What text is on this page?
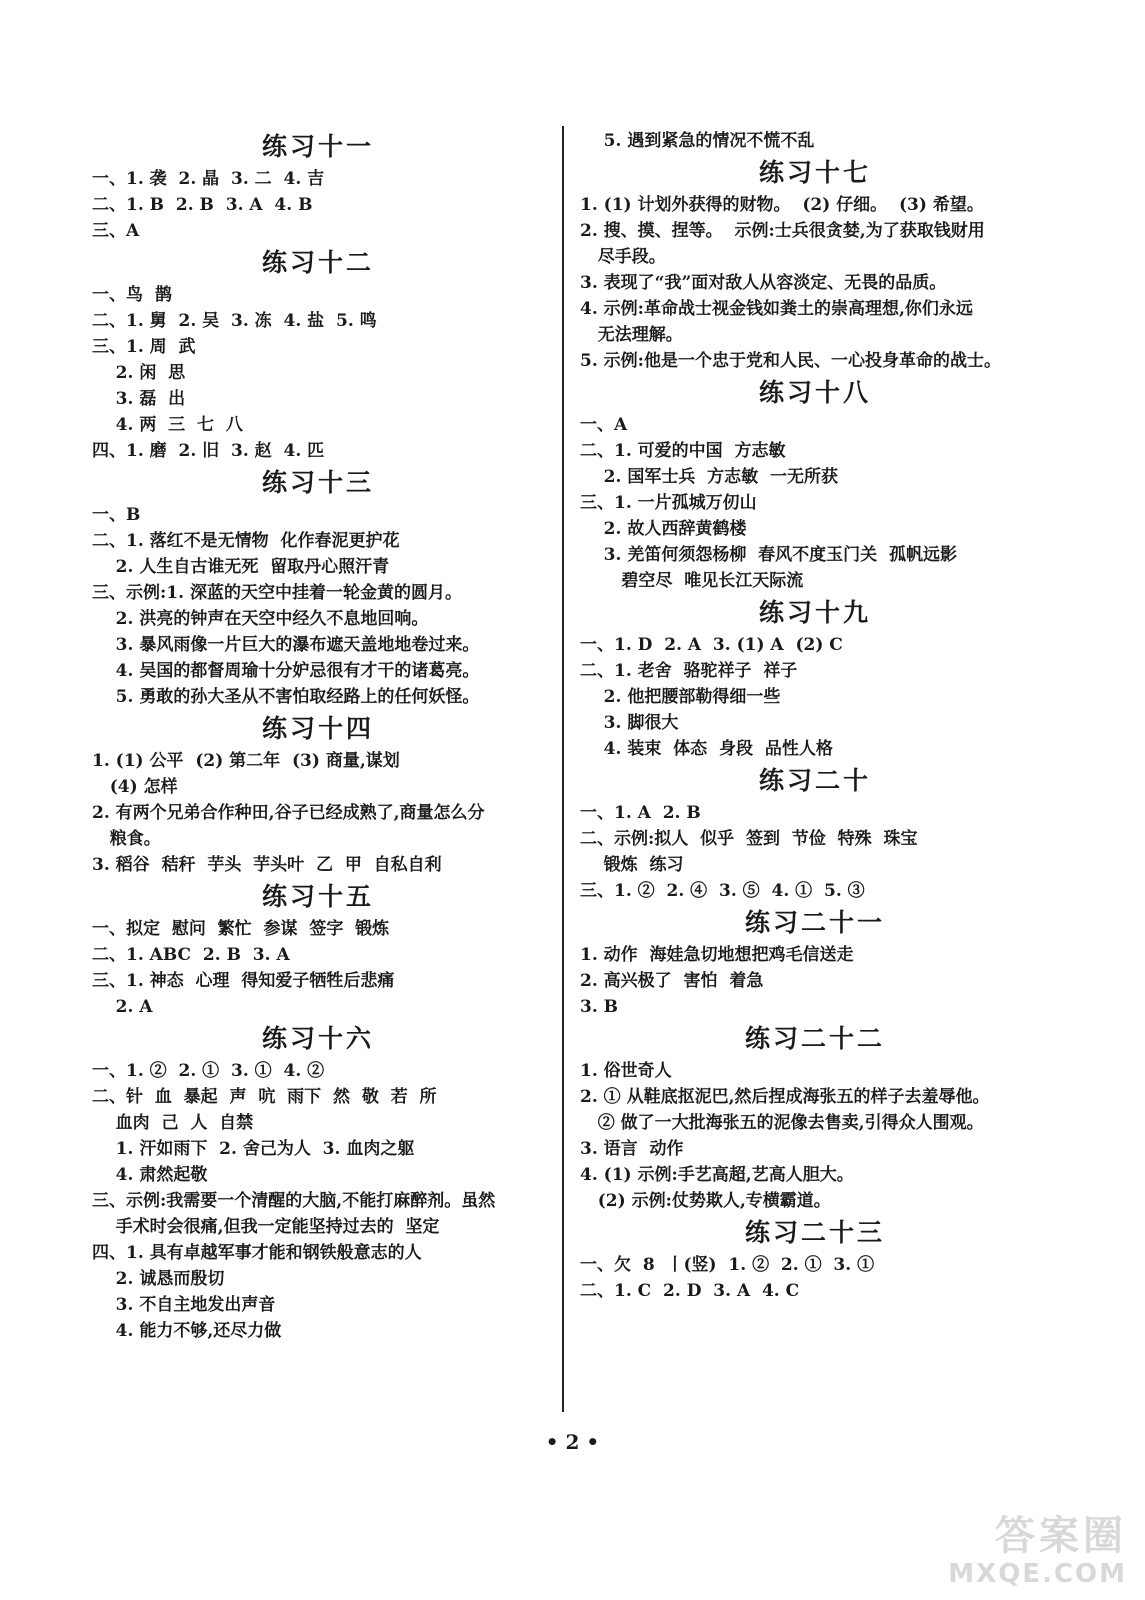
练习十一
一、1. 袭  2. 晶  3. 二  4. 吉
二、1. B  2. B  3. A  4. B
三、A
练习十二
一、鸟  鹊
二、1. 舅  2. 吴  3. 冻  4. 盐  5. 鸣
三、1. 周  武
2. 闲  思
3. 磊  出
4. 两  三  七  八
四、1. 磨  2. 旧  3. 赵  4. 匹
练习十三
一、B
二、1. 落红不是无情物  化作春泥更护花
2. 人生自古谁无死  留取丹心照汗青
三、示例:1. 深蓝的天空中挂着一轮金黄的圆月。
2. 洪亮的钟声在天空中经久不息地回响。
3. 暴风雨像一片巨大的瀑布遮天盖地地卷过来。
4. 吴国的都督周瑜十分妒忌很有才干的诸葛亮。
5. 勇敢的孙大圣从不害怕取经路上的任何妖怪。
练习十四
1. (1) 公平  (2) 第二年  (3) 商量,谋划
(4) 怎样
2. 有两个兄弟合作种田,谷子已经成熟了,商量怎么分
粮食。
3. 稻谷  秸秆  芋头  芋头叶  乙  甲  自私自利
练习十五
一、拟定  慰问  繁忙  参谋  签字  锻炼
二、1. ABC  2. B  3. A
三、1. 神态  心理  得知爱子牺牲后悲痛
2. A
练习十六
一、1. ②  2. ①  3. ①  4. ②
二、针  血  暴起  声  吭  雨下  然  敬  若  所
血肉  己  人  自禁
1. 汗如雨下  2. 舍己为人  3. 血肉之躯
4. 肃然起敬
三、示例:我需要一个清醒的大脑,不能打麻醉剂。虽然
手术时会很痛,但我一定能坚持过去的  坚定
四、1. 具有卓越军事才能和钢铁般意志的人
2. 诚恳而殷切
3. 不自主地发出声音
4. 能力不够,还尽力做
5. 遇到紧急的情况不慌不乱
练习十七
1. (1) 计划外获得的财物。  (2) 仔细。  (3) 希望。
2. 搜、摸、捏等。  示例:士兵很贪婪,为了获取钱财用
尽手段。
3. 表现了“我”面对敌人从容淡定、无畏的品质。
4. 示例:革命战士视金钱如粪土的崇高理想,你们永远
无法理解。
5. 示例:他是一个忠于党和人民、一心投身革命的战士。
练习十八
一、A
二、1. 可爱的中国  方志敏
2. 国军士兵  方志敏  一无所获
三、1. 一片孤城万仞山
2. 故人西辞黄鹤楼
3. 羌笛何须怨杨柳  春风不度玉门关  孤帆远影
碧空尽  唯见长江天际流
练习十九
一、1. D  2. A  3. (1) A  (2) C
二、1. 老舍  骆驼祥子  祥子
2. 他把腰部勒得细一些
3. 脚很大
4. 装束  体态  身段  品性人格
练习二十
一、1. A  2. B
二、示例:拟人  似乎  签到  节俭  特殊  珠宝
锻炼  练习
三、1. ②  2. ④  3. ⑤  4. ①  5. ③
练习二十一
1. 动作  海娃急切地想把鸡毛信送走
2. 高兴极了  害怕  着急
3. B
练习二十二
1. 俗世奇人
2. ① 从鞋底抠泥巴,然后捏成海张五的样子去羞辱他。
② 做了一大批海张五的泥像去售卖,引得众人围观。
3. 语言  动作
4. (1) 示例:手艺高超,艺高人胆大。
(2) 示例:仗势欺人,专横霸道。
练习二十三
一、欠  8  丨(竖)  1. ②  2. ①  3. ①
二、1. C  2. D  3. A  4. C
• 2 •
答案圈
MXQE.COM
